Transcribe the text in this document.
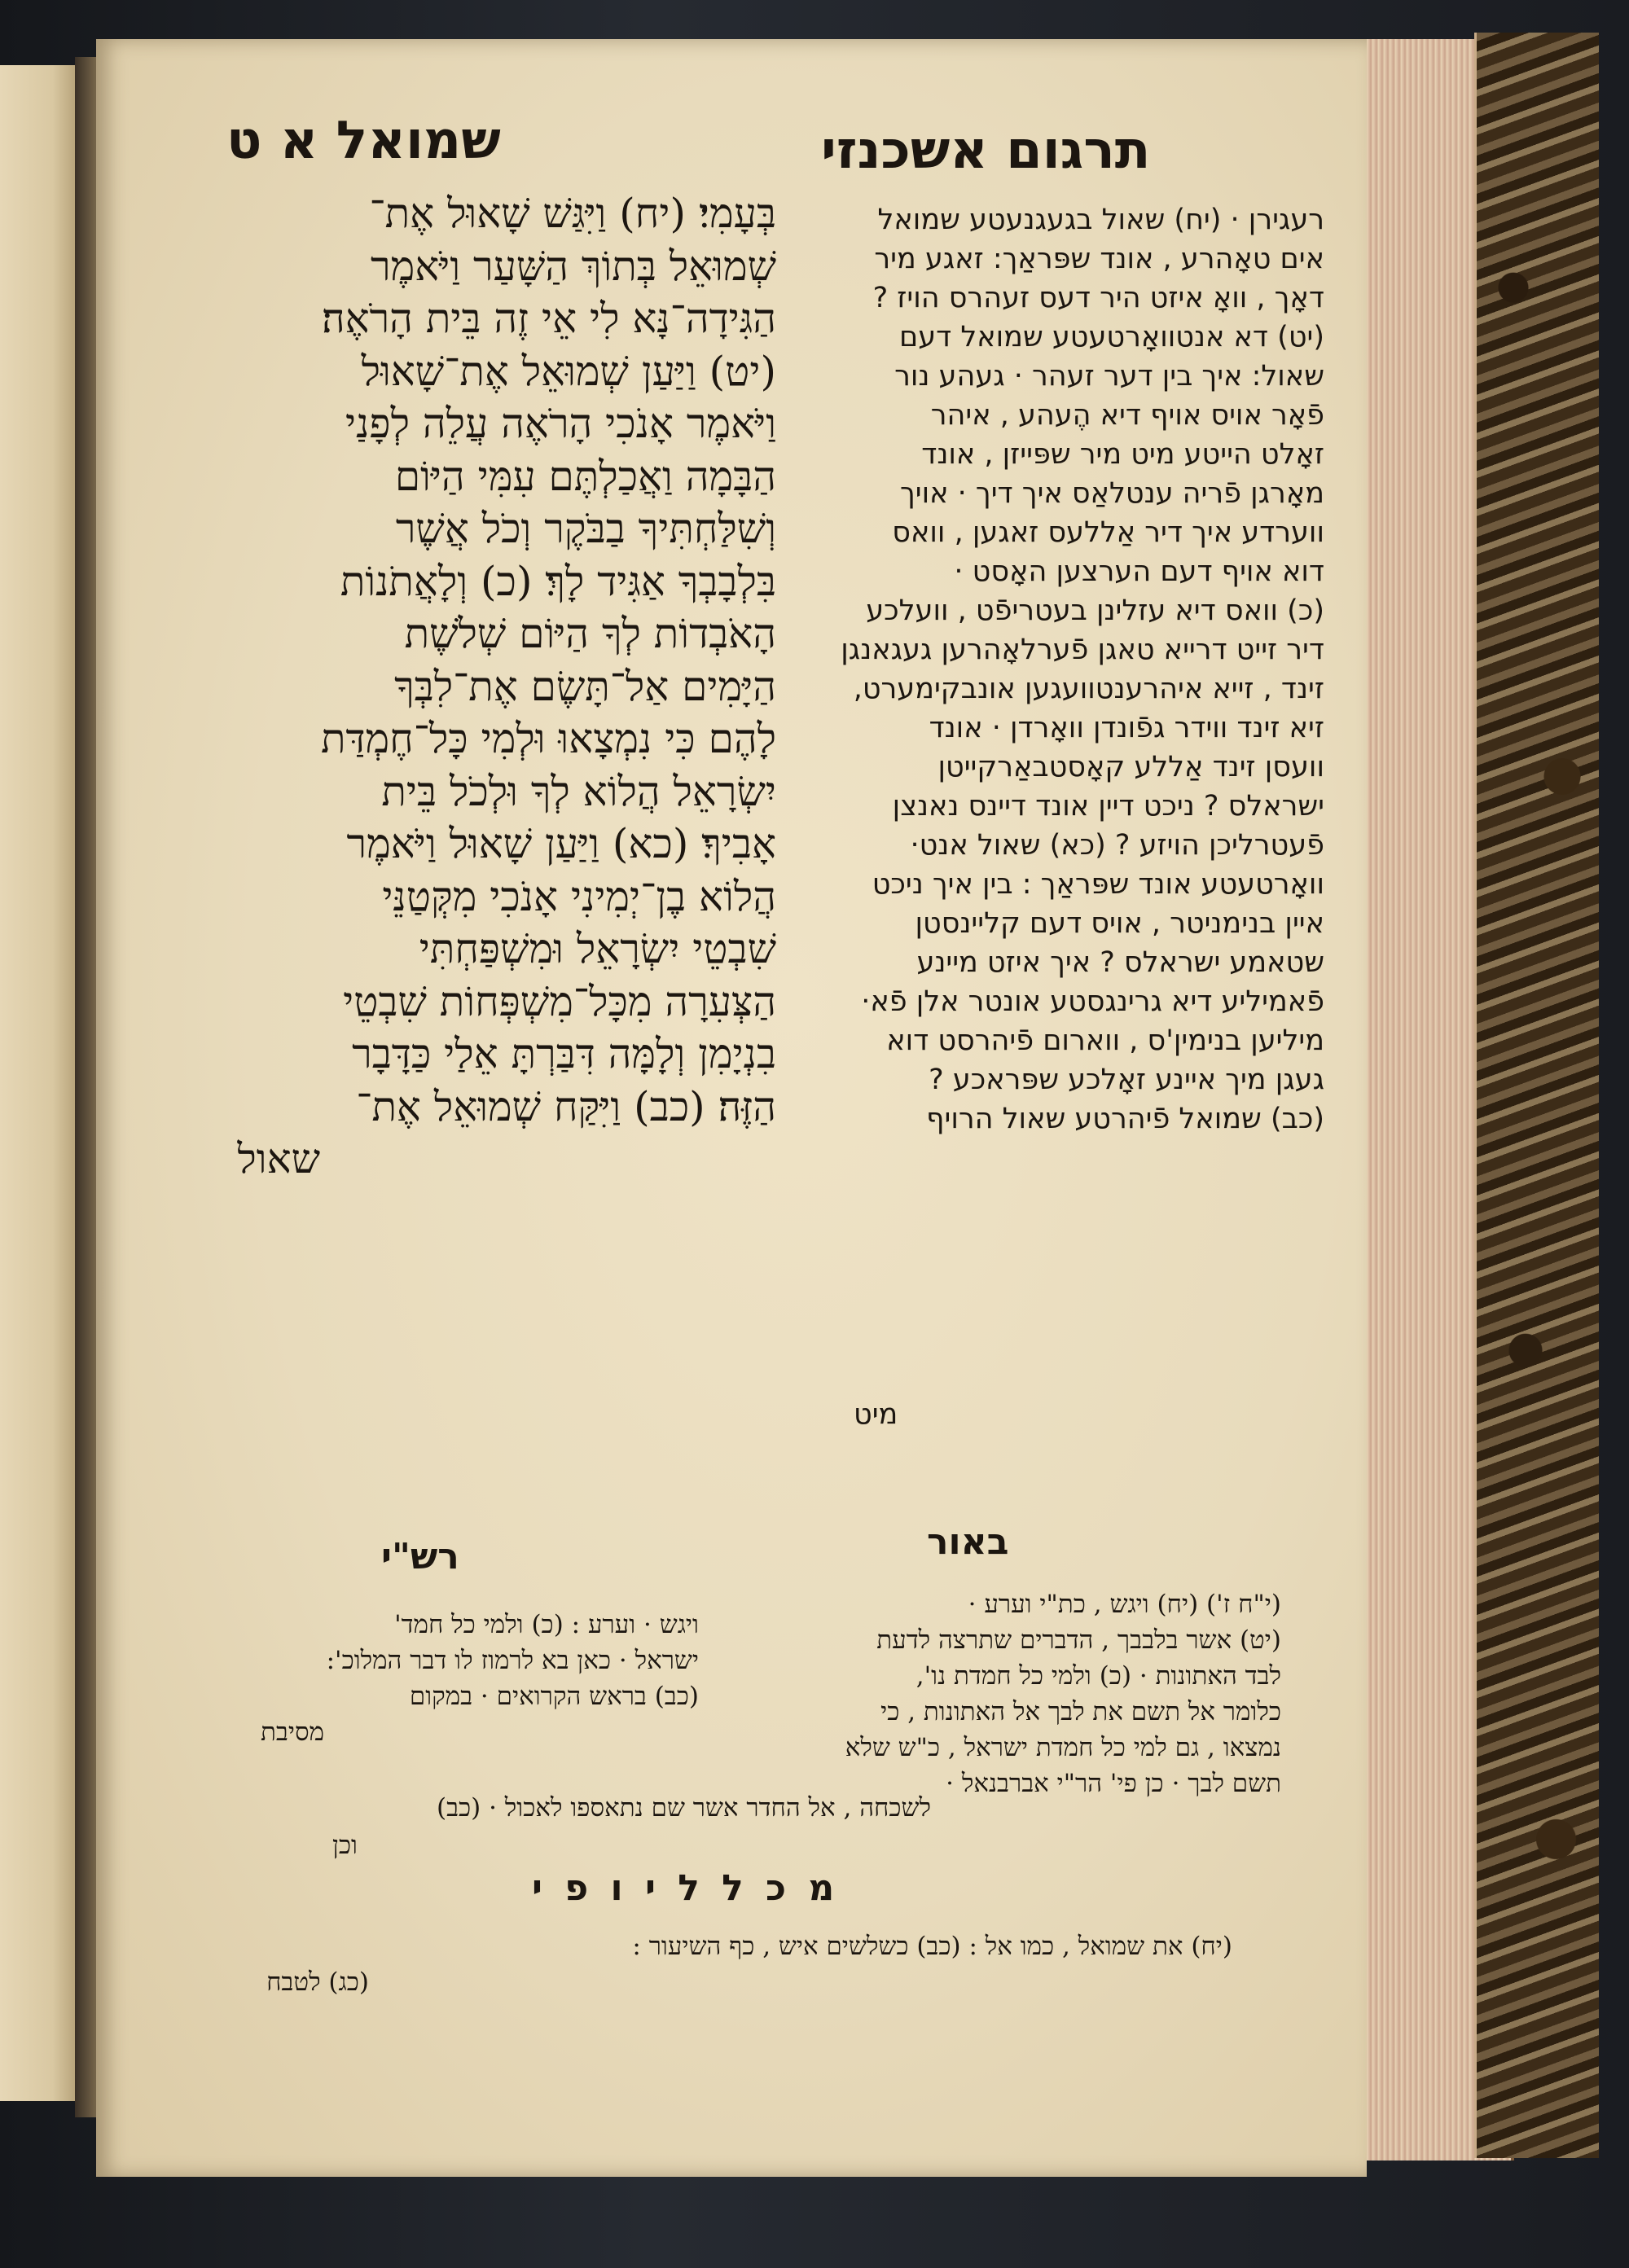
שמואל א ט	תרגום אשכנזי
בְּעָמִי׃ (יח) וַיִּגַּשׁ שָׁאוּל אֶת־
שְׁמוּאֵל בְּתוֹךְ הַשָּׁעַר וַיֹּאמֶר
הַגִּידָה־נָּא לִי אֵי זֶה בֵּית הָרֹאֶה׃
(יט) וַיַּעַן שְׁמוּאֵל אֶת־שָׁאוּל
וַיֹּאמֶר אָנֹכִי הָרֹאֶה עֲלֵה לְפָנַי
הַבָּמָה וַאֲכַלְתֶּם עִמִּי הַיּוֹם
וְשִׁלַּחְתִּיךָ בַבֹּקֶר וְכֹל אֲשֶׁר
בִּלְבָבְךָ אַגִּיד לָךְ׃ (כ) וְלָאֲתֹנוֹת
הָאֹבְדוֹת לְךָ הַיּוֹם שְׁלֹשֶׁת
הַיָּמִים אַל־תָּשֶׂם אֶת־לִבְּךָ
לָהֶם כִּי נִמְצָאוּ וּלְמִי כָּל־חֶמְדַּת
יִשְׂרָאֵל הֲלוֹא לְךָ וּלְכֹל בֵּית
אָבִיךָ׃ (כא) וַיַּעַן שָׁאוּל וַיֹּאמֶר
הֲלוֹא בֶן־יְמִינִי אָנֹכִי מִקְּטַנֵּי
שִׁבְטֵי יִשְׂרָאֵל וּמִשְׁפַּחְתִּי
הַצְּעִרָה מִכָּל־מִשְׁפְּחוֹת שִׁבְטֵי
בִנְיָמִן וְלָמָּה דִּבַּרְתָּ אֵלַי כַּדָּבָר
הַזֶּה׃ (כב) וַיִּקַּח שְׁמוּאֵל אֶת־
שאול
רעגירן · (יח) שאול בגעגנעטע שמואל
אים טאָהרע , אונד שפּראַך: זאגע מיר
דאָך , וואָ איזט היר דעס זעהרס הויז ?
(יט) דא אנטוואָרטעטע שמואל דעם
שאול: איך בין דער זעהר · געהע נור
פֿאָר אויס אויף דיא הֶעהע , איהר
זאָלט הייטע מיט מיר שפּייזן , אונד
מאָרגן פֿריה ענטלאַס איך דיך · אויך
ווערדע איך דיר אַללעס זאגען , וואס
דוא אויף דעם הערצען האָסט ·
(כ) וואס דיא עזלינן בעטריפֿט , וועלכע
דיר זייט דרייא טאגן פֿערלאָהרען געגאנגן
זינד , זייא איהרענטוועגען אונבקימערט,
זיא זינד ווידר גפֿונדן וואָרדן · אונד
וועסן זינד אַללע קאָסטבאַרקייטן
ישראלס ? ניכט דיין אונד דיינס נאנצן
פֿעטרליכן הויזע ? (כא) שאול אנט·
וואָרטעטע אונד שפּראַך : בין איך ניכט
איין בנימניטר , אויס דעם קליינסטן
שטאמע ישראלס ? איך איזט מיינע
פֿאמיליע דיא גרינגסטע אונטר אלן פֿא·
מיליען בנימין'ס , ווארום פֿיהרסט דוא
געגן מיך איינע זאָלכע שפּראכע ?
(כב) שמואל פֿיהרטע שאול הרויף
מיט
באור
רש"י
(י"ח ז') (יח) ויגש , כת"י וערע ·
(יט) אשר בלבבך , הדברים שתרצה לדעת
לבד האתונות · (כ) ולמי כל חמדת נו',
כלומר אל תשם את לבך אל האתונות , כי
נמצאו , גם למי כל חמדת ישראל , כ"ש שלא
תשם לבך · כן פי' הר"י אברבנאל ·
ויגש · וערע : (כ) ולמי כל חמד'
ישראל · כאן בא לרמוז לו דבר המלוכ':
(כב) בראש הקרואים · במקום
מסיבת
לשכחה , אל החדר אשר שם נתאספו לאכול · (כב)
וכן
מ כ ל ל י ו פ י
(יח) את שמואל , כמו אל : (כב) כשלשים איש , כף השיעור :
(כג) לטבח
